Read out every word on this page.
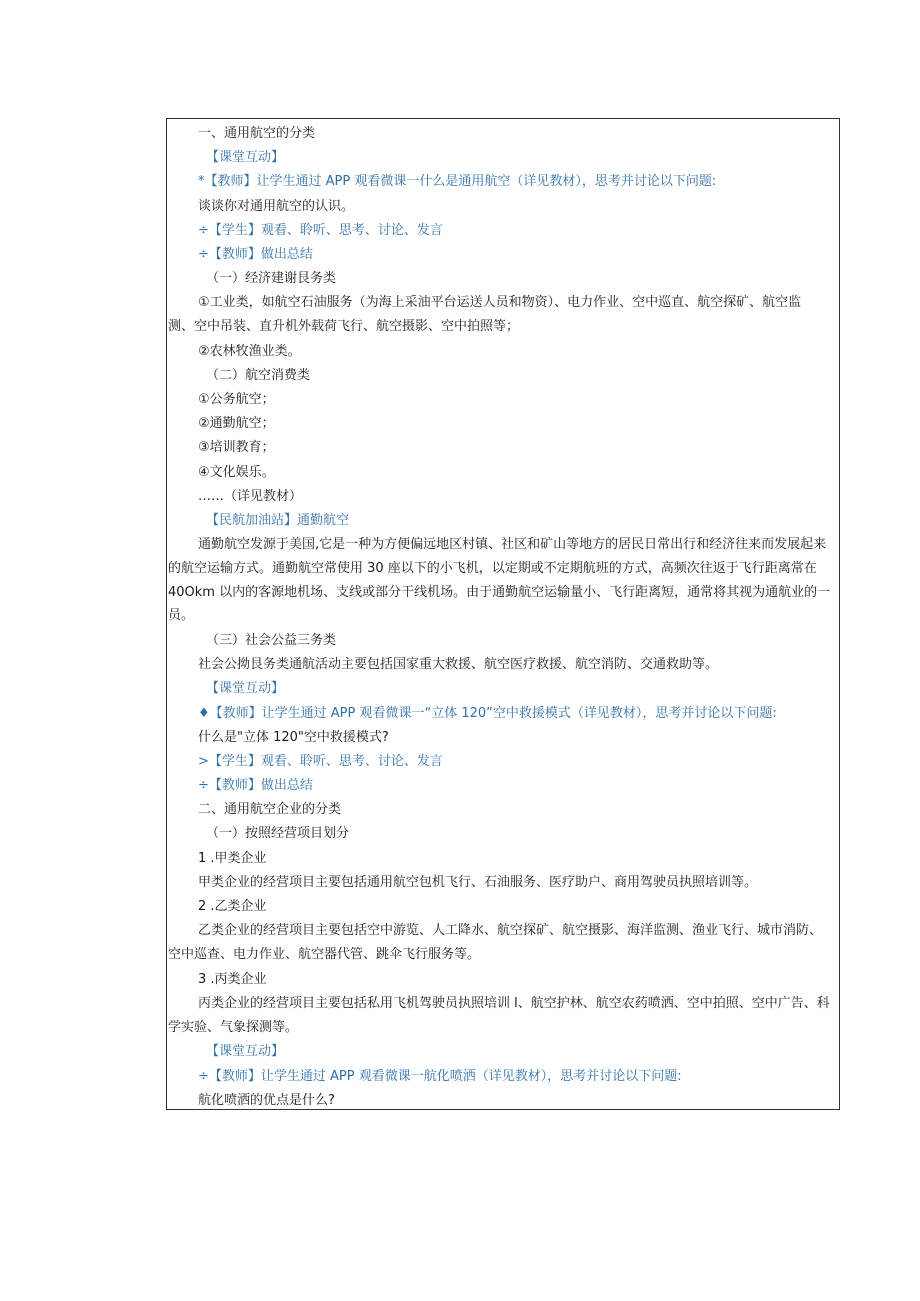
一、通用航空的分类
【课堂互动】
*【教师】让学生通过 APP 观看微课一什么是通用航空（详见教材），思考并讨论以下问题:
谈谈你对通用航空的认识。
÷【学生】观看、聆听、思考、讨论、发言
÷【教师】做出总结
（一）经济建谢艮务类
①工业类，如航空石油服务（为海上采油平台运送人员和物资）、电力作业、空中巡直、航空探矿、航空监
测、空中吊装、直升机外载荷飞行、航空摄影、空中拍照等；
②农林牧渔业类。
（二）航空消费类
①公务航空；
②通勤航空；
③培训教育；
④文化娱乐。
……（详见教材）
【民航加油站】通勤航空
通勤航空发源于美国,它是一种为方便偏远地区村镇、社区和矿山等地方的居民日常出行和经济往来而发展起来
的航空运输方式。通勤航空常使用 30 座以下的小飞机，以定期或不定期航班的方式，高频次往返于飞行距离常在
40Okm 以内的客源地机场、支线或部分干线机场。由于通勤航空运输量小、飞行距离短，通常将其视为通航业的一
员。
（三）社会公益三务类
社会公拗艮务类通航活动主要包括国家重大救援、航空医疗救援、航空消防、交通救助等。
【课堂互动】
♦【教师】让学生通过 APP 观看微课一“立体 120”空中救援模式（详见教材），思考并讨论以下问题:
什么是"立体 120"空中救援模式?
>【学生】观看、聆听、思考、讨论、发言
÷【教师】做出总结
二、通用航空企业的分类
（一）按照经营项目划分
1 .甲类企业
甲类企业的经营项目主要包括通用航空包机飞行、石油服务、医疗助户、商用驾驶员执照培训等。
2 .乙类企业
乙类企业的经营项目主要包括空中游览、人工降水、航空探矿、航空摄影、海洋监测、渔业飞行、城市消防、
空中巡查、电力作业、航空器代管、跳伞飞行服务等。
3 .丙类企业
丙类企业的经营项目主要包括私用飞机驾驶员执照培训 l、航空护林、航空农药喷洒、空中拍照、空中广告、科
学实验、气象探测等。
【课堂互动】
÷【教师】让学生通过 APP 观看微课一航化喷洒（详见教材），思考并讨论以下问题:
航化喷洒的优点是什么?
